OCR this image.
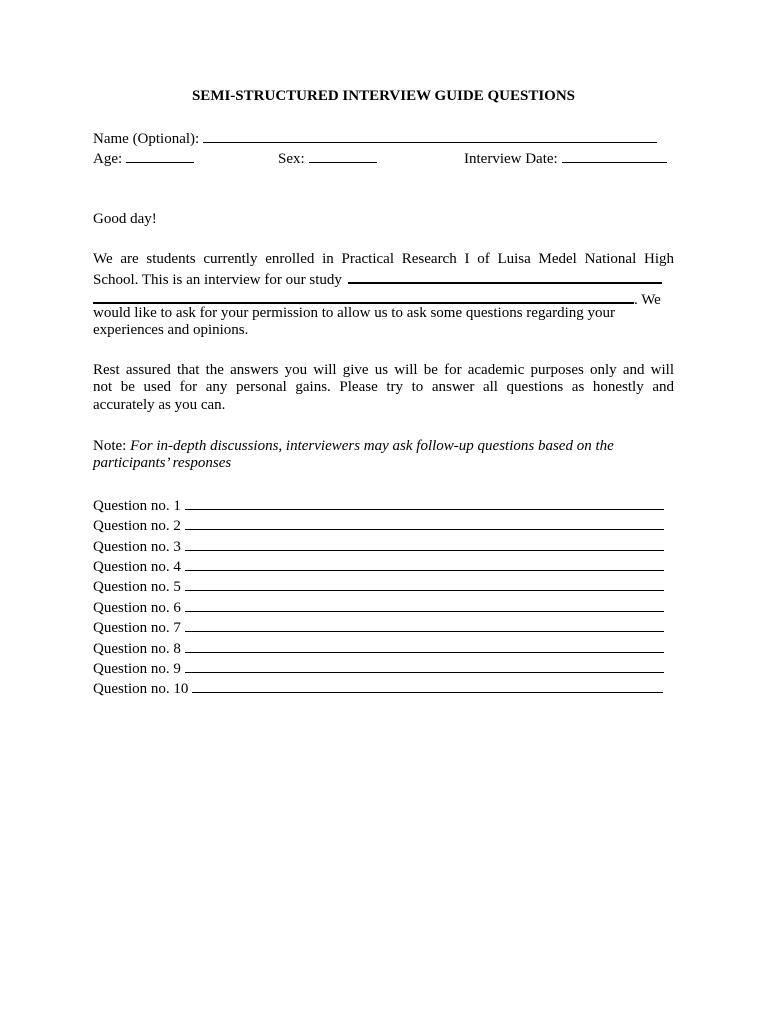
SEMI-STRUCTURED INTERVIEW GUIDE QUESTIONS
Name (Optional):
Age:	Sex:	Interview Date:
Good day!
We are students currently enrolled in Practical Research I of Luisa Medel National High
School. This is an interview for our study
. We
would like to ask for your permission to allow us to ask some questions regarding your
experiences and opinions.
Rest assured that the answers you will give us will be for academic purposes only and will
not be used for any personal gains. Please try to answer all questions as honestly and
accurately as you can.
Note: For in-depth discussions, interviewers may ask follow-up questions based on the
participants’ responses
Question no. 1
Question no. 2
Question no. 3
Question no. 4
Question no. 5
Question no. 6
Question no. 7
Question no. 8
Question no. 9
Question no. 10
